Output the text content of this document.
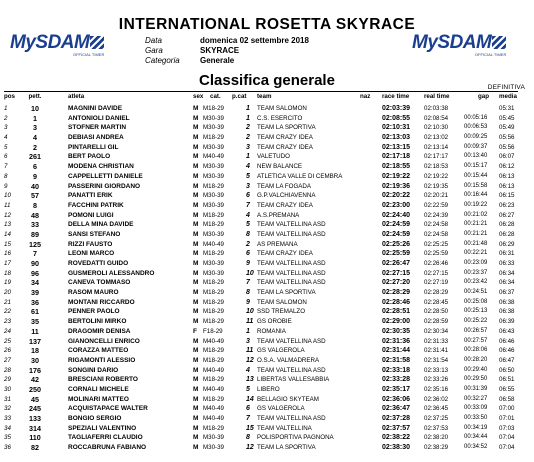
INTERNATIONAL ROSETTA SKYRACE
MySDAM
OFFICIAL TIMER
MySDAM
OFFICIAL TIMER
Data	domenica 02 settembre 2018
Gara	SKYRACE
Categoria	Generale
Classifica generale	DEFINITIVA
pos	pett.	atleta	sex cat. p.cat team	naz race time real time	gap media
1	10	MAGNINI DAVIDE	M M18-29	1 TEAM SALOMON	02:03:39 02:03:38	05:31
2	1	ANTONIOLI DANIEL	M M30-39	1 C.S. ESERCITO	02:08:55 02:08:54	00:05:16 05:45
3	3	STOFNER MARTIN	M M30-39	2 TEAM LA SPORTIVA	02:10:31 02:10:30	00:06:53 05:49
4	4	DEBIASI ANDREA	M M18-29	2 TEAM CRAZY IDEA	02:13:03 02:13:02	00:09:25 05:56
5	2	PINTARELLI GIL	M M30-39	3 TEAM CRAZY IDEA	02:13:15 02:13:14	00:09:37 05:56
6	261	BERT PAOLO	M M40-49	1 VALETUDO	02:17:18 02:17:17	00:13:40 06:07
7	6	MODENA CHRISTIAN	M M30-39	4 NEW BALANCE	02:18:55 02:18:53	00:15:17 06:12
8	9	CAPPELLETTI DANIELE	M M30-39	5 ATLETICA VALLE DI CEMBRA	02:19:22 02:19:22	00:15:44 06:13
9	40	PASSERINI GIORDANO	M M18-29	3 TEAM LA FOGADA	02:19:36 02:19:35	00:15:58 06:13
10	57	PANATTI ERIK	M M30-39	6 G.P.VALCHIAVENNA	02:20:22 02:20:21	00:16:44 06:15
11	8	FACCHINI PATRIK	M M30-39	7 TEAM CRAZY IDEA	02:23:00 02:22:59	00:19:22 06:23
12	48	POMONI LUIGI	M M18-29	4 A.S.PREMANA	02:24:40 02:24:39	00:21:02 06:27
13	33	DELLA MINA DAVIDE	M M18-29	5 TEAM VALTELLINA ASD	02:24:59 02:24:58	00:21:21 06:28
14	89	SANSI STEFANO	M M30-39	8 TEAM VALTELLINA ASD	02:24:59 02:24:58	00:21:21 06:28
15	125	RIZZI FAUSTO	M M40-49	2 AS PREMANA	02:25:26 02:25:25	00:21:48 06:29
16	7	LEONI MARCO	M M18-29	6 TEAM CRAZY IDEA	02:25:59 02:25:59	00:22:21 06:31
17	90	ROVEDATTI GUIDO	M M30-39	9 TEAM VALTELLINA ASD	02:26:47 02:26:46	00:23:09 06:33
18	96	GUSMEROLI ALESSANDRO	M M30-39	10 TEAM VALTELLINA ASD	02:27:15 02:27:15	00:23:37 06:34
19	34	CANEVA TOMMASO	M M18-29	7 TEAM VALTELLINA ASD	02:27:20 02:27:19	00:23:42 06:34
20	39	RASOM MAURO	M M18-29	8 TEAM LA SPORTIVA	02:28:29 02:28:29	00:24:51 06:37
21	36	MONTANI RICCARDO	M M18-29	9 TEAM SALOMON	02:28:46 02:28:45	00:25:08 06:38
22	61	PENNER PAOLO	M M18-29	10 SSD TREMALZO	02:28:51 02:28:50	00:25:13 06:38
23	35	BERTOLINI MIRKO	M M18-29	11 GS OROBIE	02:29:00 02:28:59	00:25:22 06:39
24	11	DRAGOMIR DENISA	F F18-29	1 ROMANIA	02:30:35 02:30:34	00:26:57 06:43
25	137	GIANONCELLI ENRICO	M M40-49	3 TEAM VALTELLINA ASD	02:31:36 02:31:33	00:27:57 06:46
26	18	CORAZZA MATTEO	M M18-29	11 GS VALGEROLA	02:31:44 02:31:41	00:28:06 06:46
27	30	RIGAMONTI ALESSIO	M M18-29	12 O.S.A. VALMADRERA	02:31:58 02:31:54	00:28:20 06:47
28	176	SONGINI DARIO	M M40-49	4 TEAM VALTELLINA ASD	02:33:18 02:33:13	00:29:40 06:50
29	42	BRESCIANI ROBERTO	M M18-29	13 LIBERTAS VALLESABBIA	02:33:28 02:33:26	00:29:50 06:51
30	250	CORNALI MICHELE	M M40-49	5 LIBERO	02:35:17 02:35:16	00:31:39 06:55
31	45	MOLINARI MATTEO	M M18-29	14 BELLAGIO SKYTEAM	02:36:06 02:36:02	00:32:27 06:58
32	245	ACQUISTAPACE WALTER	M M40-49	6 GS VALGEROLA	02:36:47 02:36:45	00:33:09 07:00
33	133	BONGIO SERGIO	M M40-49	7 TEAM VALTELLINA ASD	02:37:28 02:37:25	00:33:50 07:01
34	314	SPEZIALI VALENTINO	M M18-29	15 TEAM VALTELLINA	02:37:57 02:37:53	00:34:19 07:03
35	110	TAGLIAFERRI CLAUDIO	M M30-39	8 POLISPORTIVA PAGNONA	02:38:22 02:38:20	00:34:44 07:04
36	82	ROCCABRUNA FABIANO	M M30-39	12 TEAM LA SPORTIVA	02:38:30 02:38:29	00:34:52 07:04
